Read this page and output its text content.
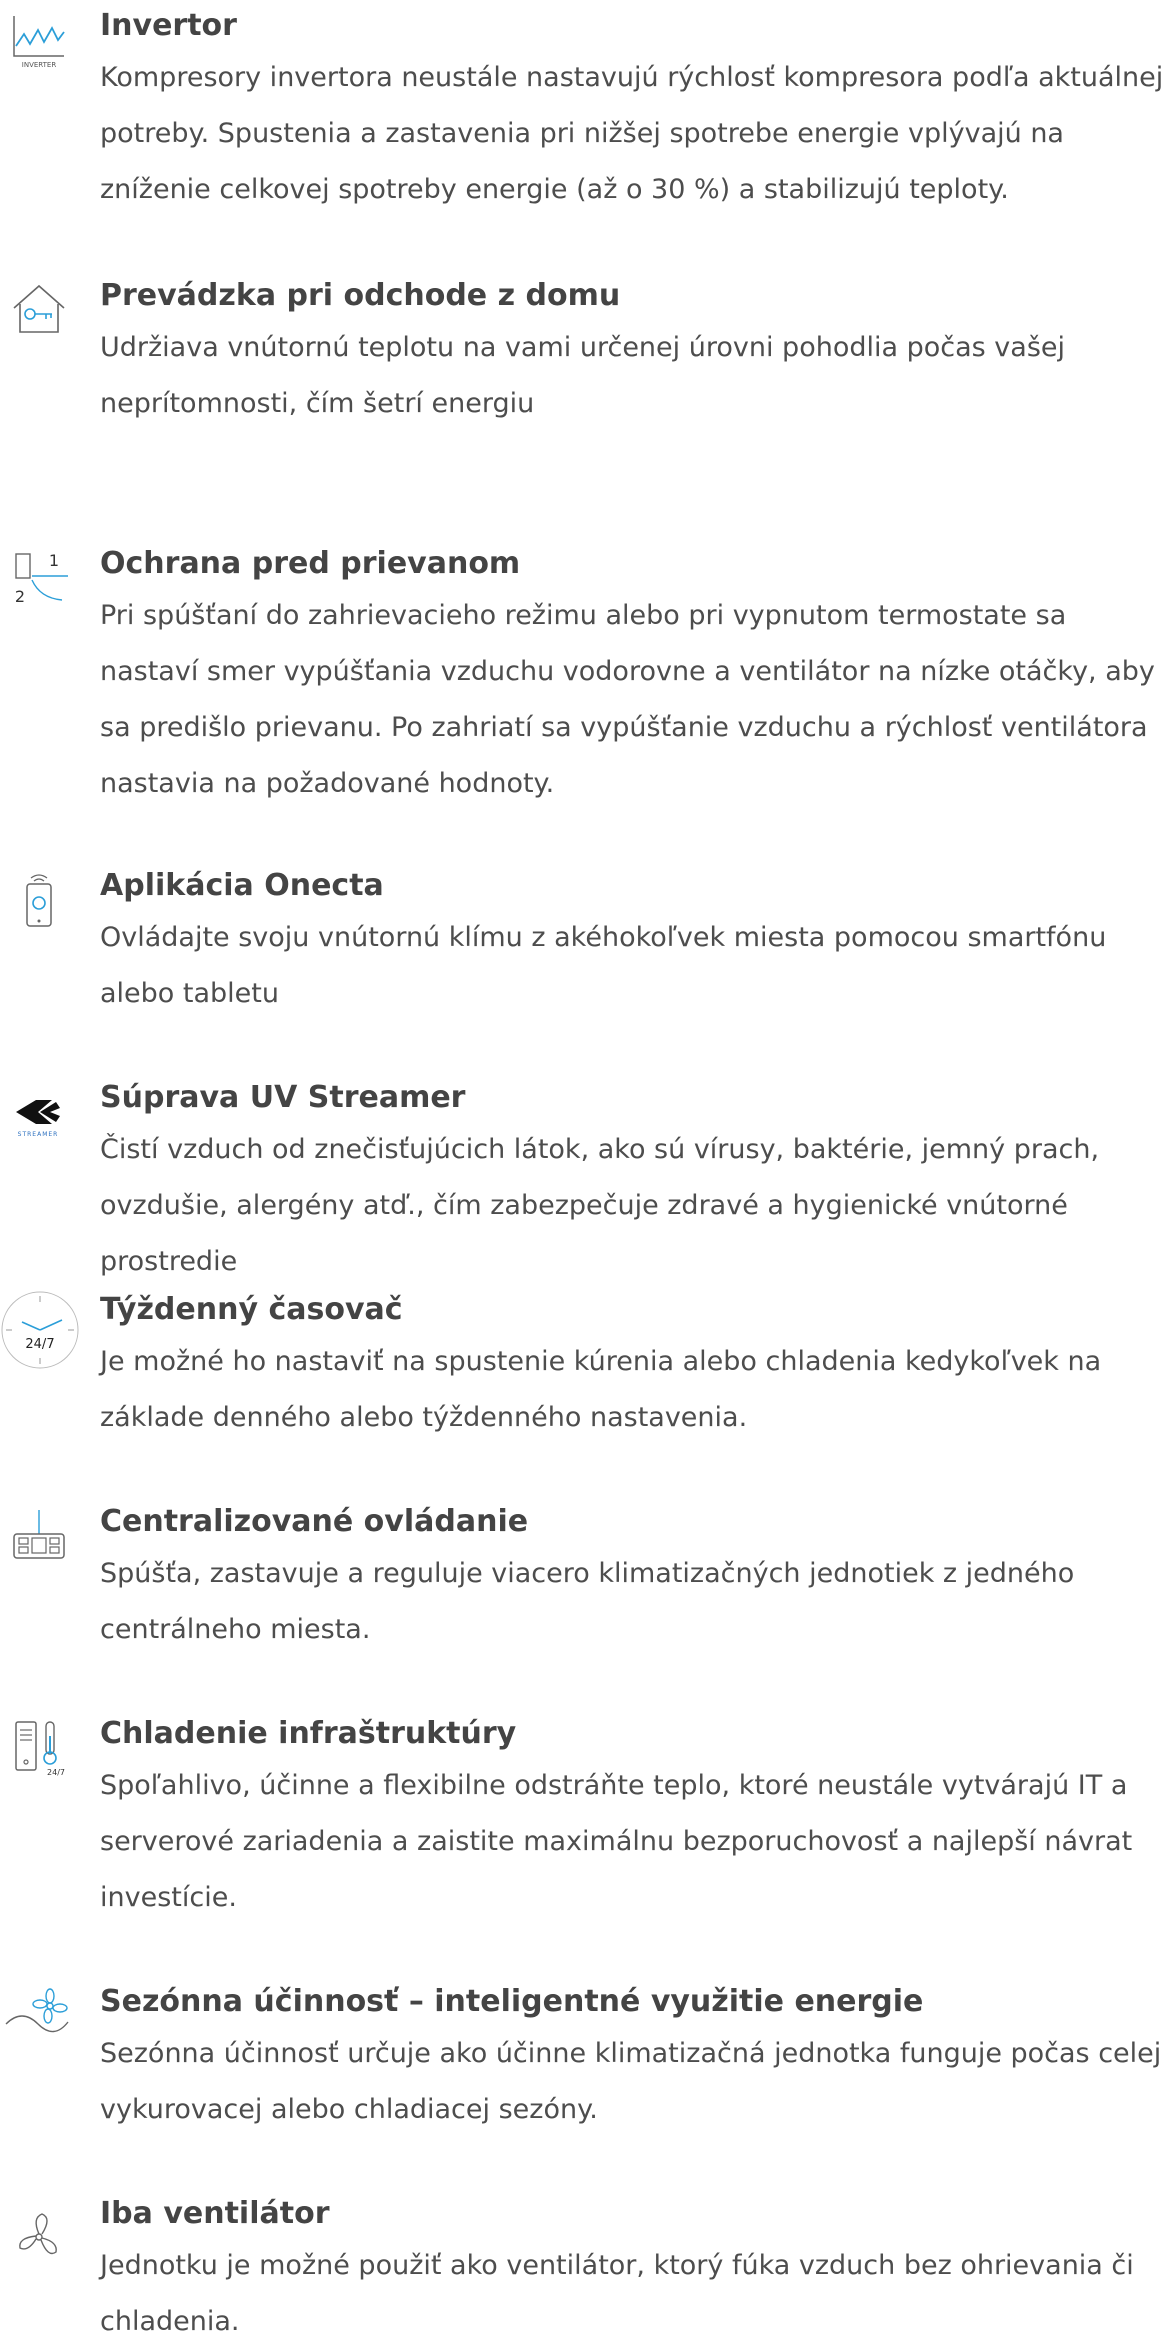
INVERTER
Invertor
Kompresory invertora neustále nastavujú rýchlosť kompresora podľa aktuálnej potreby. Spustenia a zastavenia pri nižšej spotrebe energie vplývajú na zníženie celkovej spotreby energie (až o 30 %) a stabilizujú teploty.
Prevádzka pri odchode z domu
Udržiava vnútornú teplotu na vami určenej úrovni pohodlia počas vašej neprítomnosti, čím šetrí energiu
1
2
Ochrana pred prievanom
Pri spúšťaní do zahrievacieho režimu alebo pri vypnutom termostate sa nastaví smer vypúšťania vzduchu vodorovne a ventilátor na nízke otáčky, aby sa predišlo prievanu. Po zahriatí sa vypúšťanie vzduchu a rýchlosť ventilátora nastavia na požadované hodnoty.
Aplikácia Onecta
Ovládajte svoju vnútornú klímu z akéhokoľvek miesta pomocou smartfónu alebo tabletu
STREAMER
Súprava UV Streamer
Čistí vzduch od znečisťujúcich látok, ako sú vírusy, baktérie, jemný prach, ovzdušie, alergény atď., čím zabezpečuje zdravé a hygienické vnútorné prostredie
24/7
Týždenný časovač
Je možné ho nastaviť na spustenie kúrenia alebo chladenia kedykoľvek na základe denného alebo týždenného nastavenia.
Centralizované ovládanie
Spúšťa, zastavuje a reguluje viacero klimatizačných jednotiek z jedného centrálneho miesta.
24/7
Chladenie infraštruktúry
Spoľahlivo, účinne a flexibilne odstráňte teplo, ktoré neustále vytvárajú IT a serverové zariadenia a zaistite maximálnu bezporuchovosť a najlepší návrat investície.
Sezónna účinnosť – inteligentné využitie energie
Sezónna účinnosť určuje ako účinne klimatizačná jednotka funguje počas celej vykurovacej alebo chladiacej sezóny.
Iba ventilátor
Jednotku je možné použiť ako ventilátor, ktorý fúka vzduch bez ohrievania či chladenia.
